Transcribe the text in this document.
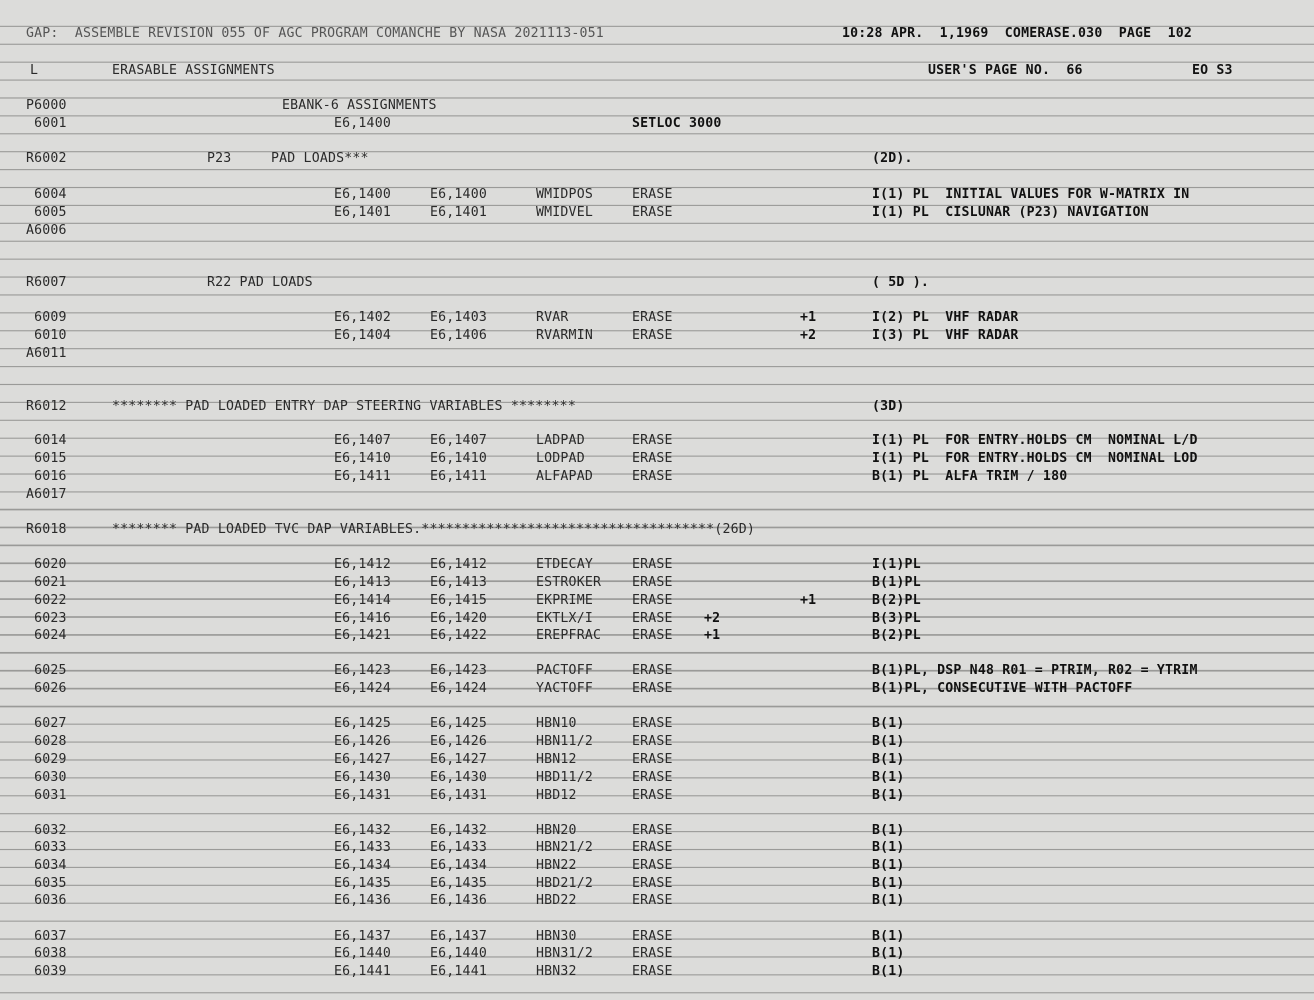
GAP:  ASSEMBLE REVISION 055 OF AGC PROGRAM COMANCHE BY NASA 2021113-051

	10:28 APR.  1,1969  COMERASE.030  PAGE  102

L

	ERASABLE ASSIGNMENTS

	USER'S PAGE NO.  66

	EO S3

P6000	EBANK-6 ASSIGNMENTS
6001	E6,1400	SETLOC 3000
R6002	P23	PAD LOADS***	(2D).
6004	E6,1400	E6,1400	WMIDPOS	ERASE	I(1) PL  INITIAL VALUES FOR W-MATRIX IN
6005	E6,1401	E6,1401	WMIDVEL	ERASE	I(1) PL  CISLUNAR (P23) NAVIGATION
A6006
R6007	R22 PAD LOADS	( 5D ).
6009	E6,1402	E6,1403	RVAR	ERASE	+1	I(2) PL  VHF RADAR
6010	E6,1404	E6,1406	RVARMIN	ERASE	+2	I(3) PL  VHF RADAR
A6011
R6012	******** PAD LOADED ENTRY DAP STEERING VARIABLES ********	(3D)
6014	E6,1407	E6,1407	LADPAD	ERASE	I(1) PL  FOR ENTRY.HOLDS CM  NOMINAL L/D
6015	E6,1410	E6,1410	LODPAD	ERASE	I(1) PL  FOR ENTRY.HOLDS CM  NOMINAL LOD
6016	E6,1411	E6,1411	ALFAPAD	ERASE	B(1) PL  ALFA TRIM / 180
A6017
R6018	******** PAD LOADED TVC DAP VARIABLES.************************************(26D)
6020	E6,1412	E6,1412	ETDECAY	ERASE	I(1)PL
6021	E6,1413	E6,1413	ESTROKER ERASE	B(1)PL
6022	E6,1414	E6,1415	EKPRIME	ERASE	+1	B(2)PL
6023	E6,1416	E6,1420	EKTLX/I	ERASE +2	B(3)PL
6024	E6,1421	E6,1422	EREPFRAC ERASE +1	B(2)PL
6025	E6,1423	E6,1423	PACTOFF	ERASE	B(1)PL, DSP N48 R01 = PTRIM, R02 = YTRIM
6026	E6,1424	E6,1424	YACTOFF	ERASE	B(1)PL, CONSECUTIVE WITH PACTOFF
6027	E6,1425	E6,1425	HBN10	ERASE	B(1)
6028	E6,1426	E6,1426	HBN11/2	ERASE	B(1)
6029	E6,1427	E6,1427	HBN12	ERASE	B(1)
6030	E6,1430	E6,1430	HBD11/2	ERASE	B(1)
6031	E6,1431	E6,1431	HBD12	ERASE	B(1)
6032	E6,1432	E6,1432	HBN20	ERASE	B(1)
6033	E6,1433	E6,1433	HBN21/2	ERASE	B(1)
6034	E6,1434	E6,1434	HBN22	ERASE	B(1)
6035	E6,1435	E6,1435	HBD21/2	ERASE	B(1)
6036	E6,1436	E6,1436	HBD22	ERASE	B(1)
6037	E6,1437	E6,1437	HBN30	ERASE	B(1)
6038	E6,1440	E6,1440	HBN31/2	ERASE	B(1)
6039	E6,1441	E6,1441	HBN32	ERASE	B(1)
